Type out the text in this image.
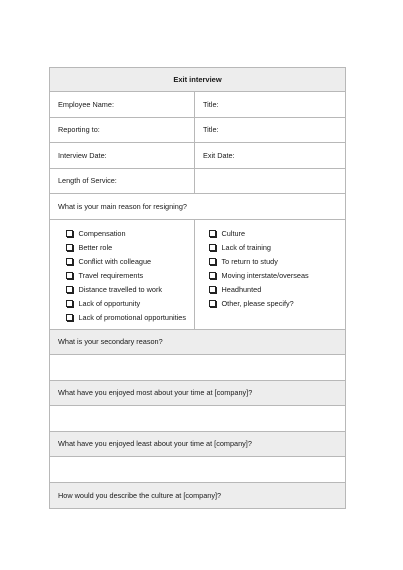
Exit interview
Employee Name:	Title:
Reporting to:	Title:
Interview Date:	Exit Date:
Length of Service:
What is your main reason for resigning?
Compensation
Better role
Conflict with colleague
Travel requirements
Distance travelled to work
Lack of opportunity
Lack of promotional opportunities
Culture
Lack of training
To return to study
Moving interstate/overseas
Headhunted
Other, please specify?
What is your secondary reason?
What have you enjoyed most about your time at [company]?
What have you enjoyed least about your time at [company]?
How would you describe the culture at [company]?
